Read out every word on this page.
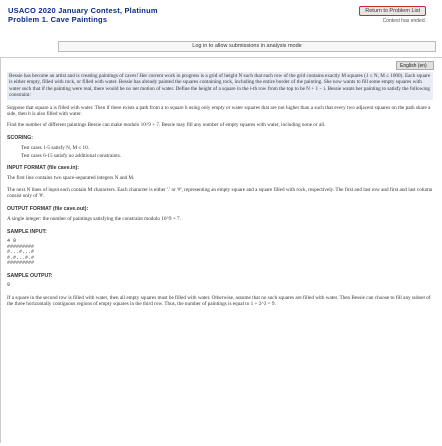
USACO 2020 January Contest, Platinum
Problem 1. Cave Paintings
Return to Problem List
Contest has ended.
Log in to allow submissions in analysis mode
English (en)

Bessie has become an artist and is creating paintings of caves! Her current work in progress is a grid of height N such that each row of the grid contains exactly M squares (1 ≤ N, M ≤ 1000). Each square is either empty, filled with rock, or filled with water. Bessie has already painted the squares containing rock, including the entire border of the painting. She now wants to fill some empty squares with water such that if the painting were real, there would be no net motion of water. Define the height of a square in the i-th row from the top to be N + 1 − i. Bessie wants her painting to satisfy the following constraint:

Suppose that square a is filled with water. Then if there exists a path from a to square b using only empty or water squares that are not higher than a such that every two adjacent squares on the path share a side, then b is also filled with water.

Find the number of different paintings Bessie can make modulo 10^9 + 7. Bessie may fill any number of empty squares with water, including none or all.

SCORING:
Test cases 1-5 satisfy N, M ≤ 10.
Test cases 6-15 satisfy no additional constraints.
INPUT FORMAT (file cave.in):

The first line contains two space-separated integers N and M.

The next N lines of input each contain M characters. Each character is either '.' or '#', representing an empty square and a square filled with rock, respectively. The first and last row and first and last column consist only of '#'.

OUTPUT FORMAT (file cave.out):

A single integer: the number of paintings satisfying the constraint modulo 10^9 + 7.

SAMPLE INPUT:
4 9
#########
#...#...#
#.#...#.#
#########
SAMPLE OUTPUT:
9

If a square in the second row is filled with water, then all empty squares must be filled with water. Otherwise, assume that no such squares are filled with water. Then Bessie can choose to fill any subset of the three horizontally contiguous regions of empty squares in the third row. Thus, the number of paintings is equal to 1 + 2^3 = 9.
